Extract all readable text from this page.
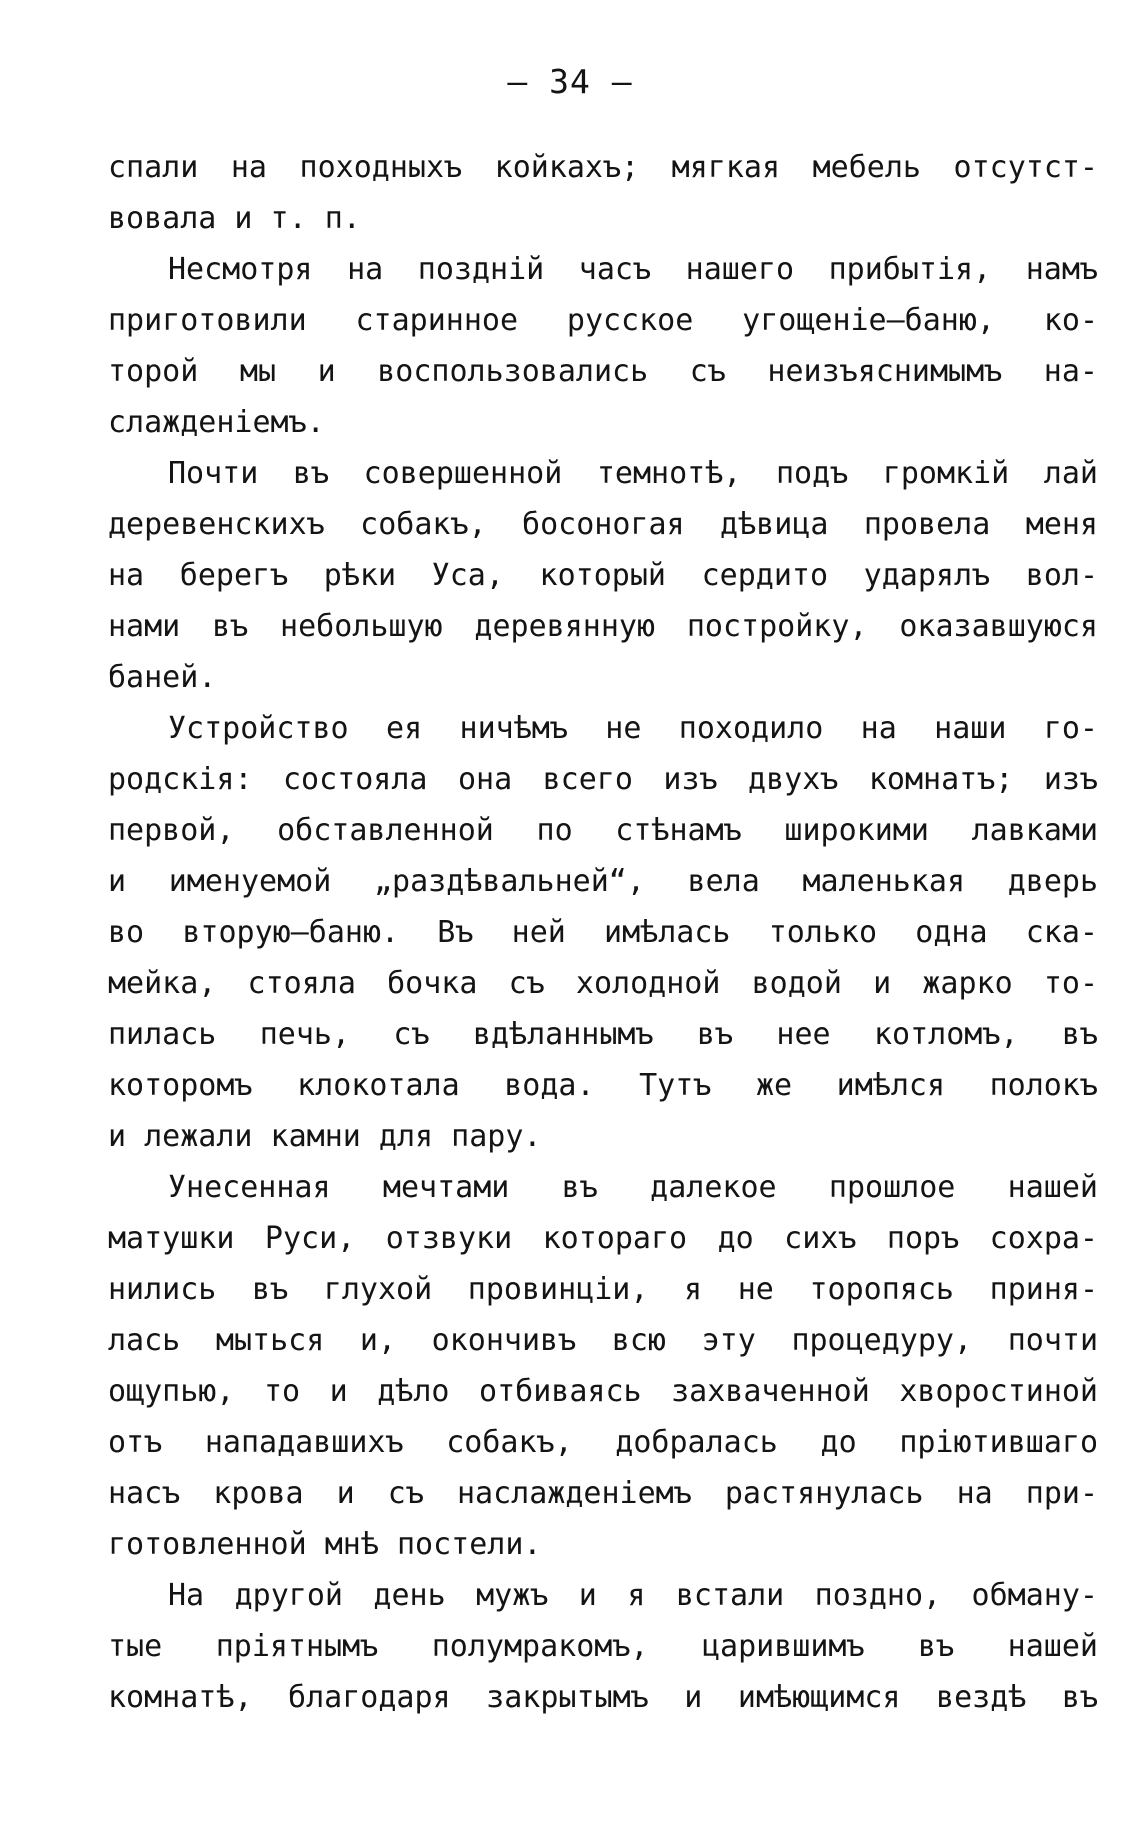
— 34 —
спали на походныхъ койкахъ; мягкая мебель отсутст-
вовала и т. п.
Несмотря на поздній часъ нашего прибытія, намъ
приготовили старинное русское угощеніе—баню, ко-
торой мы и воспользовались съ неизъяснимымъ на-
слажденіемъ.
Почти въ совершенной темнотѣ, подъ громкій лай
деревенскихъ собакъ, босоногая дѣвица провела меня
на берегъ рѣки Уса, который сердито ударялъ вол-
нами въ небольшую деревянную постройку, оказавшуюся
баней.
Устройство ея ничѣмъ не походило на наши го-
родскія: состояла она всего изъ двухъ комнатъ; изъ
первой, обставленной по стѣнамъ широкими лавками
и именуемой „раздѣвальней“, вела маленькая дверь
во вторую—баню. Въ ней имѣлась только одна ска-
мейка, стояла бочка съ холодной водой и жарко то-
пилась печь, съ вдѣланнымъ въ нее котломъ, въ
которомъ клокотала вода. Тутъ же имѣлся полокъ
и лежали камни для пару.
Унесенная мечтами въ далекое прошлое нашей
матушки Руси, отзвуки котораго до сихъ поръ сохра-
нились въ глухой провинціи, я не торопясь приня-
лась мыться и, окончивъ всю эту процедуру, почти
ощупью, то и дѣло отбиваясь захваченной хворостиной
отъ нападавшихъ собакъ, добралась до пріютившаго
насъ крова и съ наслажденіемъ растянулась на при-
готовленной мнѣ постели.
На другой день мужъ и я встали поздно, обману-
тые пріятнымъ полумракомъ, царившимъ въ нашей
комнатѣ, благодаря закрытымъ и имѣющимся вездѣ въ
